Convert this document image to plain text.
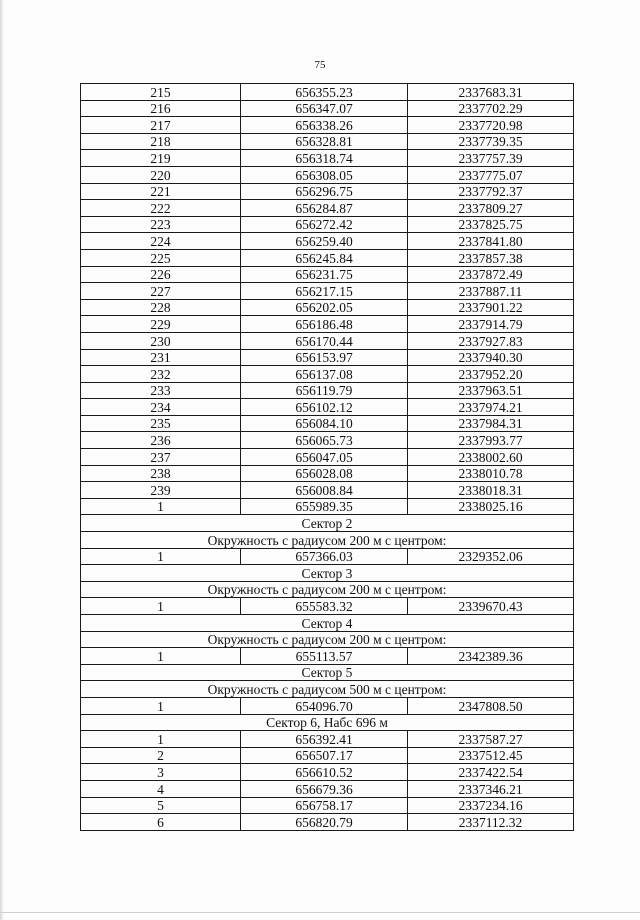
75
215	656355.23	2337683.31
216	656347.07	2337702.29
217	656338.26	2337720.98
218	656328.81	2337739.35
219	656318.74	2337757.39
220	656308.05	2337775.07
221	656296.75	2337792.37
222	656284.87	2337809.27
223	656272.42	2337825.75
224	656259.40	2337841.80
225	656245.84	2337857.38
226	656231.75	2337872.49
227	656217.15	2337887.11
228	656202.05	2337901.22
229	656186.48	2337914.79
230	656170.44	2337927.83
231	656153.97	2337940.30
232	656137.08	2337952.20
233	656119.79	2337963.51
234	656102.12	2337974.21
235	656084.10	2337984.31
236	656065.73	2337993.77
237	656047.05	2338002.60
238	656028.08	2338010.78
239	656008.84	2338018.31
1	655989.35	2338025.16
Сектор 2		
Окружность с радиусом 200 м с центром:		
1	657366.03	2329352.06
Сектор 3		
Окружность с радиусом 200 м с центром:		
1	655583.32	2339670.43
Сектор 4		
Окружность с радиусом 200 м с центром:		
1	655113.57	2342389.36
Сектор 5		
Окружность с радиусом 500 м с центром:		
1	654096.70	2347808.50
Сектор 6, Набс 696 м		
1	656392.41	2337587.27
2	656507.17	2337512.45
3	656610.52	2337422.54
4	656679.36	2337346.21
5	656758.17	2337234.16
6	656820.79	2337112.32
